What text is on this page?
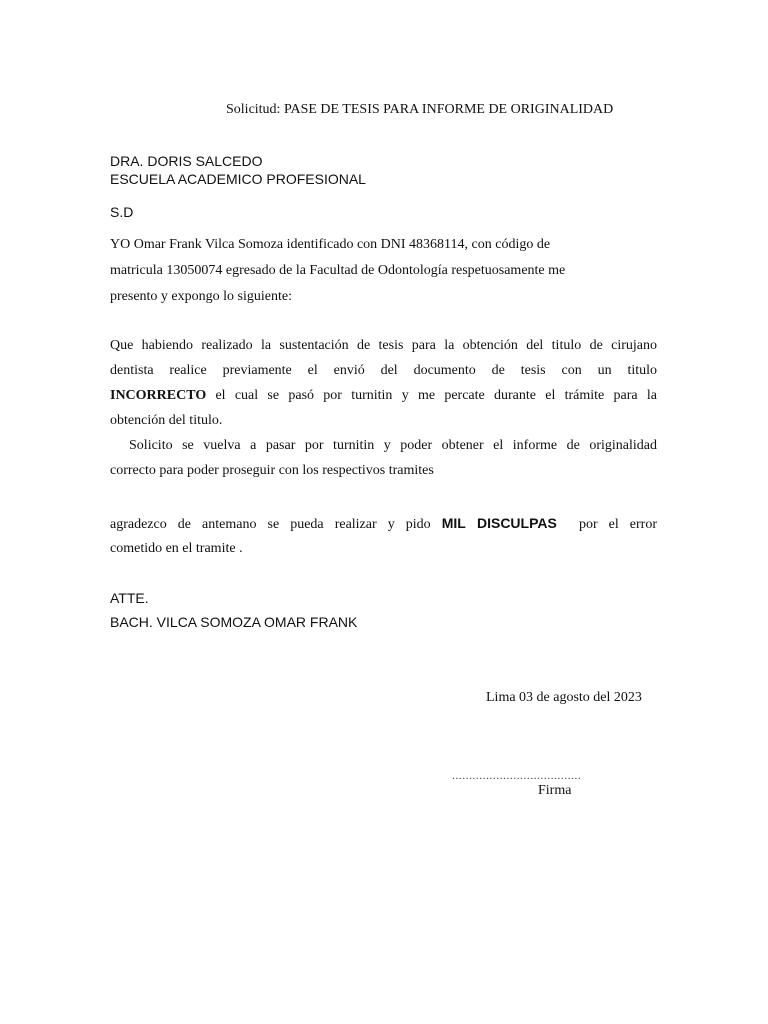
Solicitud: PASE DE TESIS PARA INFORME DE ORIGINALIDAD
DRA. DORIS SALCEDO
ESCUELA ACADEMICO PROFESIONAL
S.D
YO Omar Frank Vilca Somoza identificado con DNI 48368114, con código de
matricula 13050074 egresado de la Facultad de Odontología respetuosamente me
presento y expongo lo siguiente:
Que habiendo realizado la sustentación de tesis para la obtención del titulo de cirujano
dentista realice previamente el envió del documento de tesis con un titulo
INCORRECTO el cual se pasó por turnitin y me percate durante el trámite para la
obtención del titulo.
Solicito se vuelva a pasar por turnitin y poder obtener el informe de originalidad
correcto para poder proseguir con los respectivos tramites
agradezco de antemano se pueda realizar y pido MIL DISCULPAS  por el error
cometido en el tramite .
ATTE.
BACH. VILCA SOMOZA OMAR FRANK
Lima 03 de agosto del 2023
......................................
Firma
